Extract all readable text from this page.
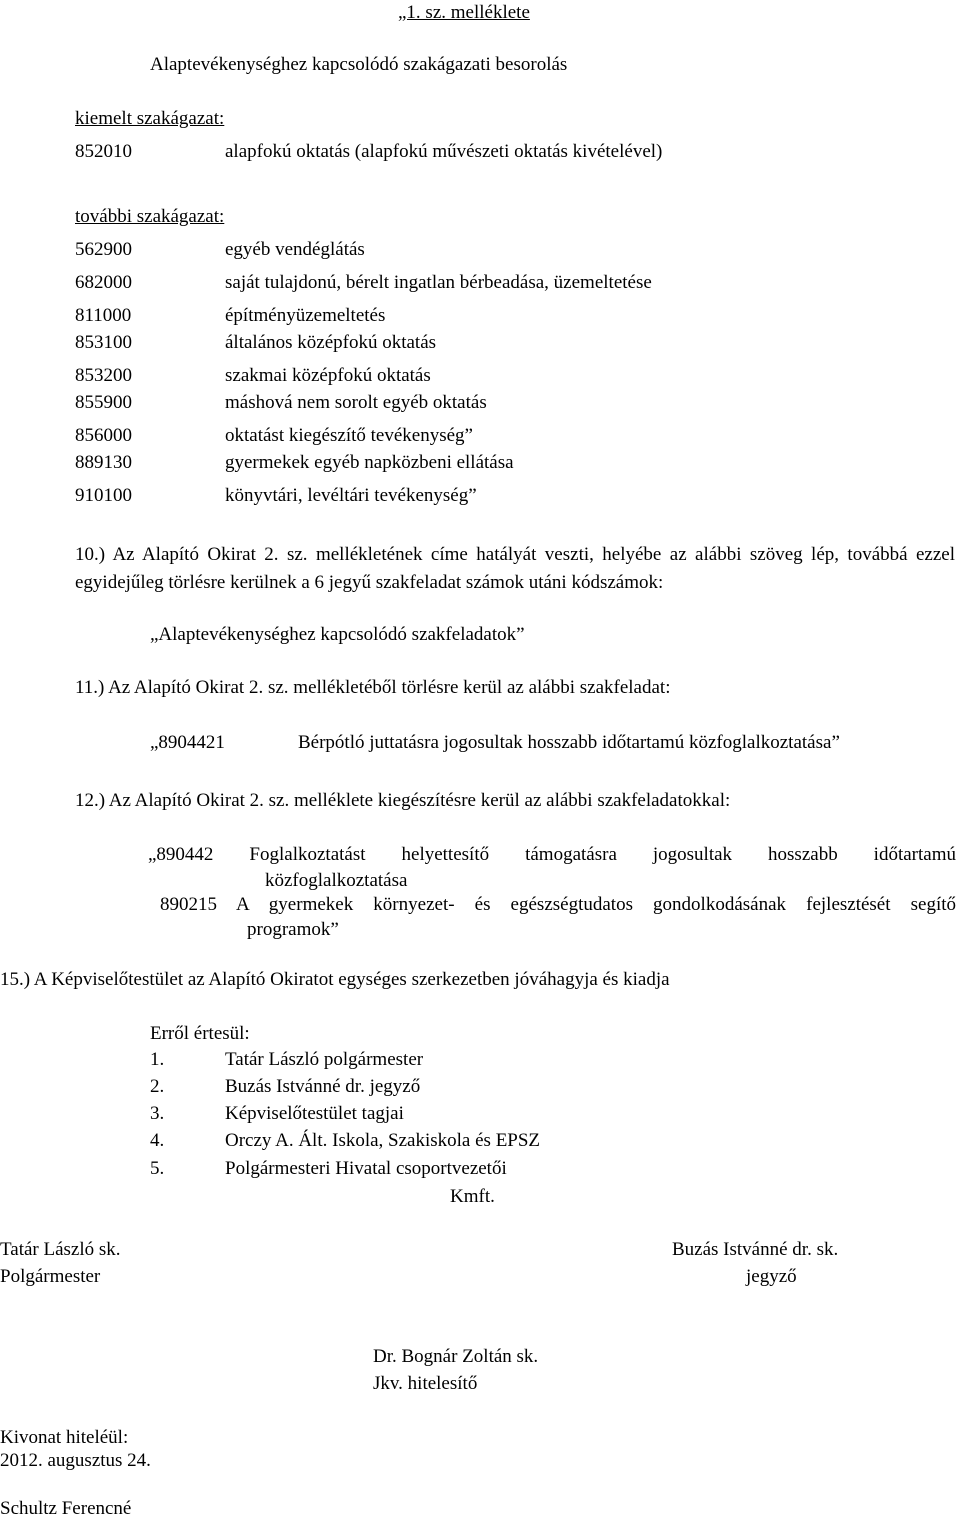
„1. sz. melléklete
Alaptevékenységhez kapcsolódó szakágazati besorolás
kiemelt szakágazat:
852010	alapfokú oktatás (alapfokú művészeti oktatás kivételével)
további szakágazat:
562900	egyéb vendéglátás
682000	saját tulajdonú, bérelt ingatlan bérbeadása, üzemeltetése
811000	építményüzemeltetés
853100	általános középfokú oktatás
853200	szakmai középfokú oktatás
855900	máshová nem sorolt egyéb oktatás
856000	oktatást kiegészítő tevékenység”
889130	gyermekek egyéb napközbeni ellátása
910100	könyvtári, levéltári tevékenység”
10.) Az Alapító Okirat 2. sz. mellékletének címe hatályát veszti, helyébe az alábbi szöveg lép, továbbá ezzel egyidejűleg törlésre kerülnek a 6 jegyű szakfeladat számok utáni kódszámok:
„Alaptevékenységhez kapcsolódó szakfeladatok”
11.) Az Alapító Okirat 2. sz. mellékletéből törlésre kerül az alábbi szakfeladat:
„8904421	Bérpótló juttatásra jogosultak hosszabb időtartamú közfoglalkoztatása”
12.) Az Alapító Okirat 2. sz. melléklete kiegészítésre kerül az alábbi szakfeladatokkal:
„890442 Foglalkoztatást helyettesítő támogatásra jogosultak hosszabb időtartamú
közfoglalkoztatása
890215 A gyermekek környezet- és egészségtudatos gondolkodásának fejlesztését segítő
programok”
15.) A Képviselőtestület az Alapító Okiratot egységes szerkezetben jóváhagyja és kiadja
Erről értesül:
1.	Tatár László polgármester
2.	Buzás Istvánné dr. jegyző
3.	Képviselőtestület tagjai
4.	Orczy A. Ált. Iskola, Szakiskola és EPSZ
5.	Polgármesteri Hivatal csoportvezetői
Kmft.
Tatár László sk.
Polgármester
Buzás Istvánné dr. sk.
jegyző
Dr. Bognár Zoltán sk.
Jkv. hitelesítő
Kivonat hiteléül:
2012. augusztus 24.
Schultz Ferencné
